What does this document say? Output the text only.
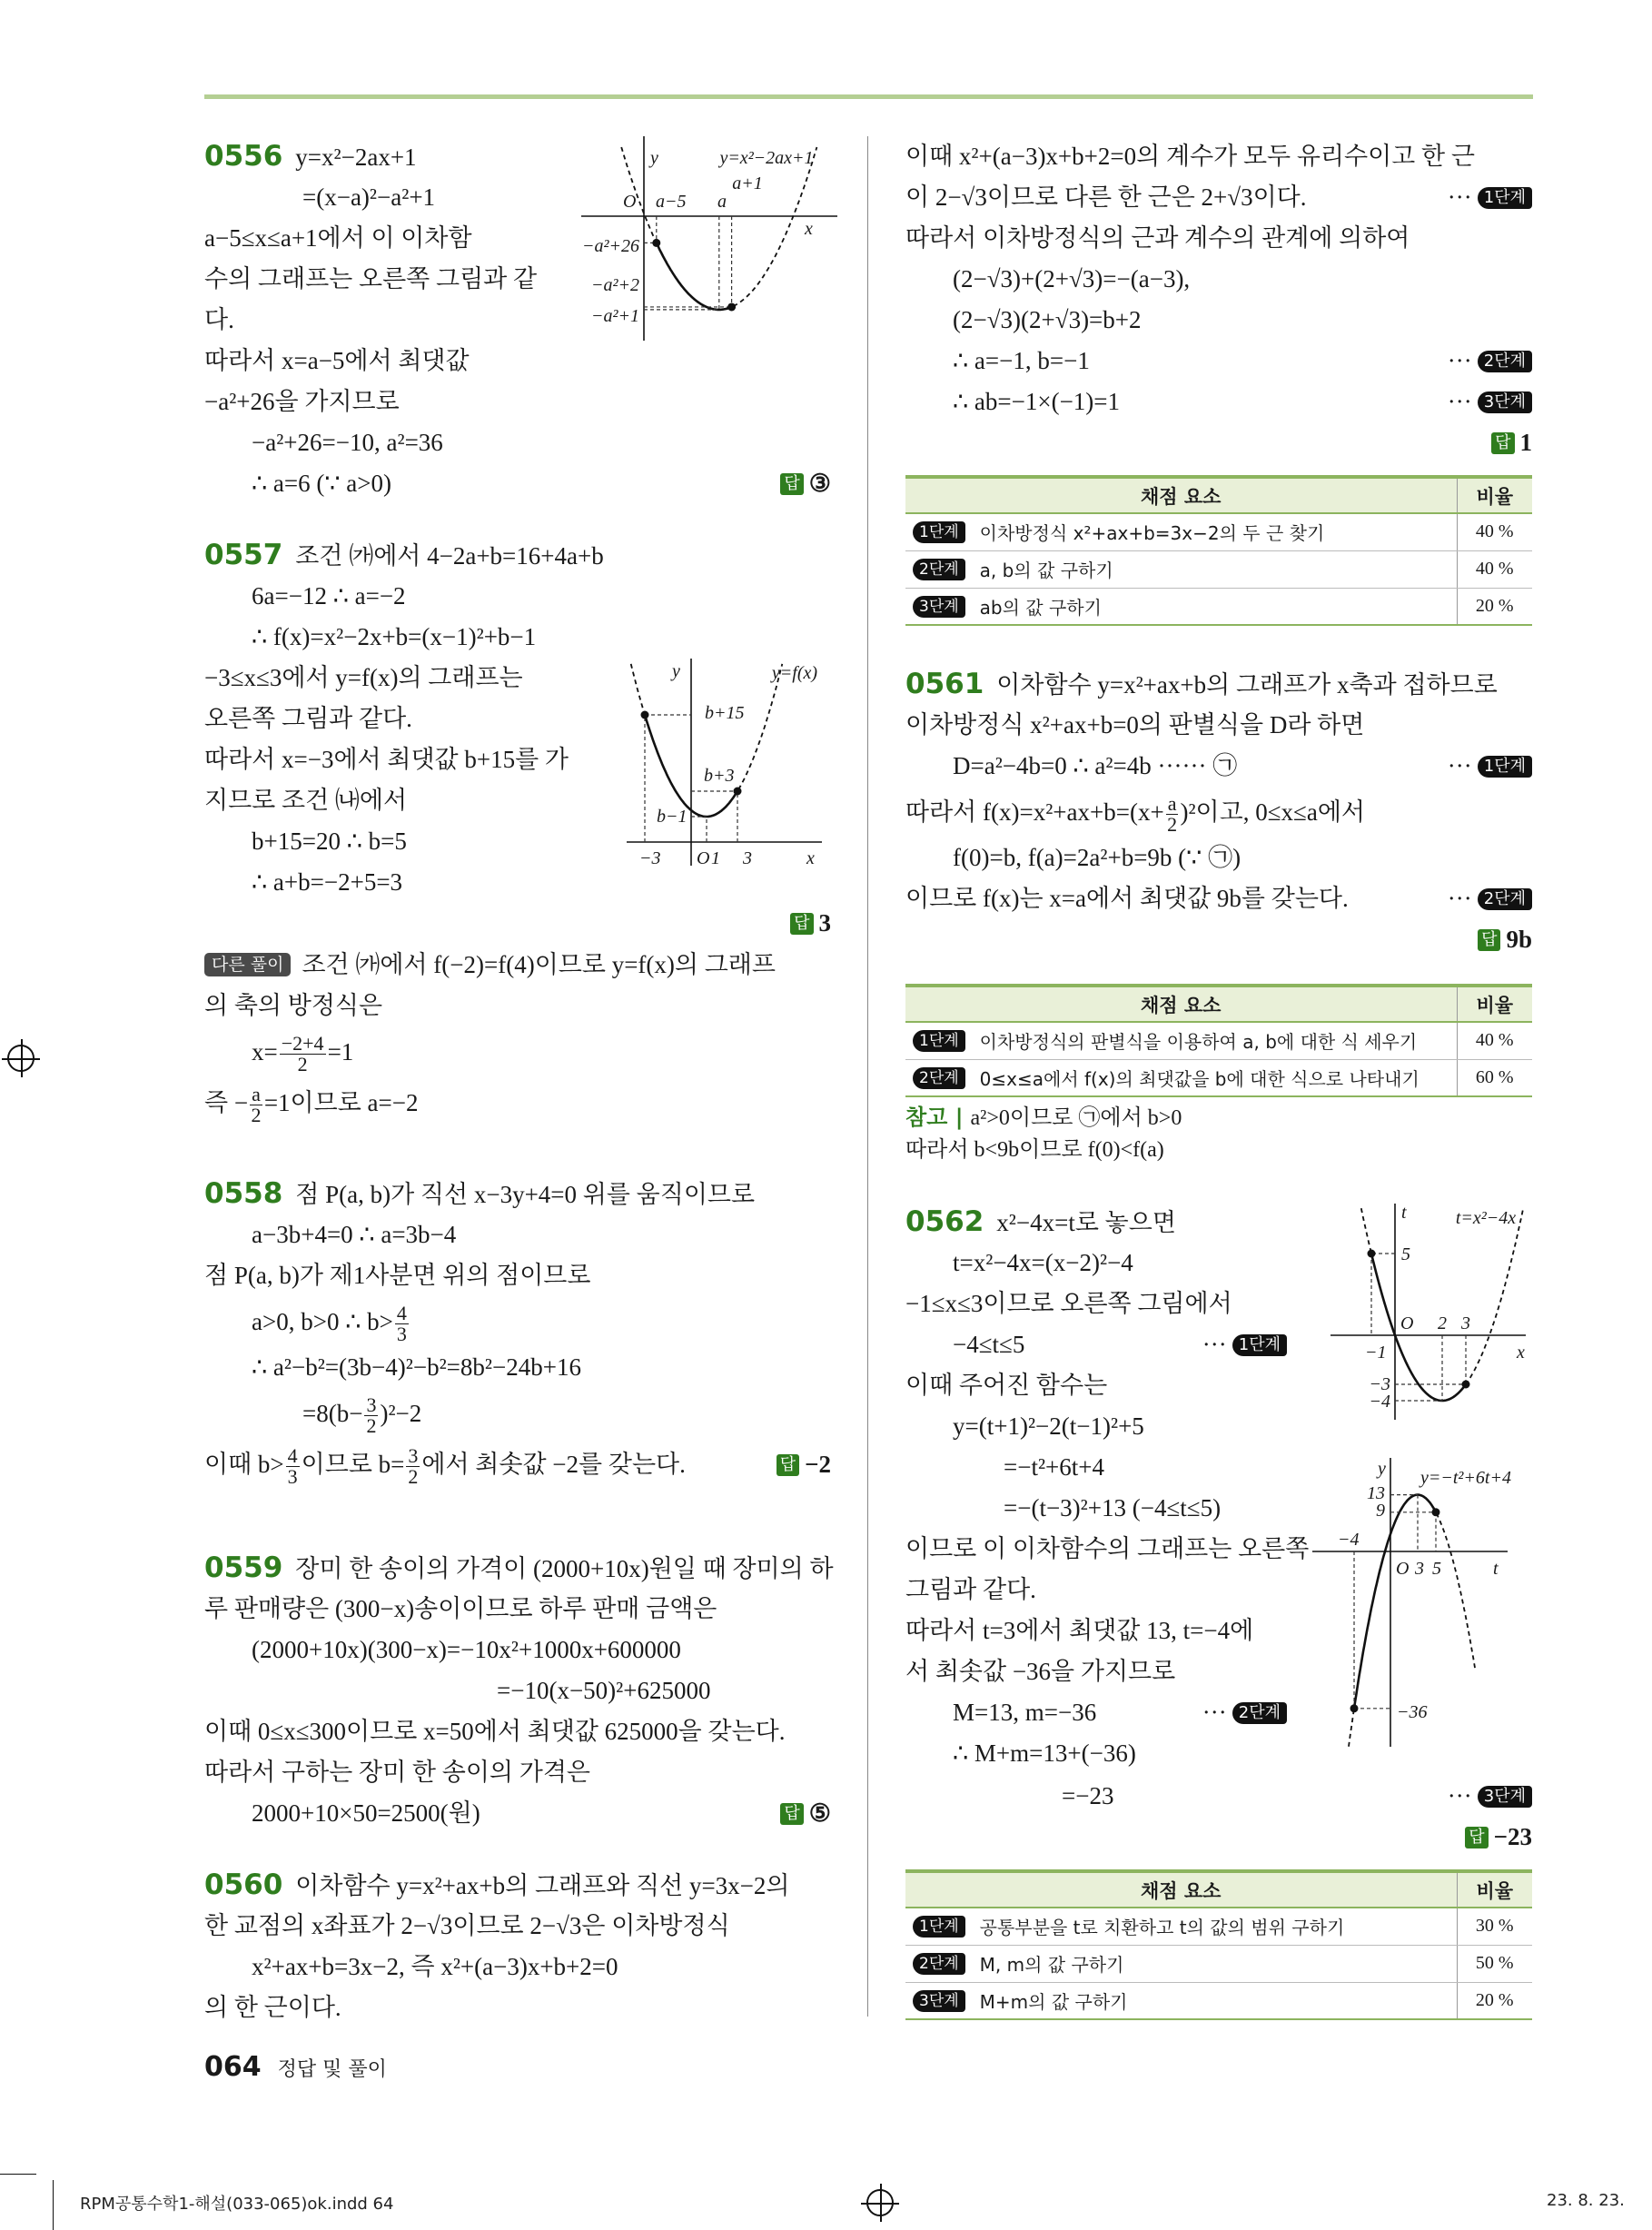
0556 y=x²−2ax+1
=(x−a)²−a²+1
a−5≤x≤a+1에서 이 이차함
수의 그래프는 오른쪽 그림과 같
다.
따라서 x=a−5에서 최댓값
−a²+26을 가지므로
−a²+26=−10, a²=36
∴ a=6 (∵ a>0)	답 ③
0557 조건 ㈎에서 4−2a+b=16+4a+b
6a=−12 ∴ a=−2
∴ f(x)=x²−2x+b=(x−1)²+b−1
−3≤x≤3에서 y=f(x)의 그래프는
오른쪽 그림과 같다.
따라서 x=−3에서 최댓값 b+15를 가
지므로 조건 ㈏에서
b+15=20 ∴ b=5
∴ a+b=−2+5=3
답 3
다른 풀이 조건 ㈎에서 f(−2)=f(4)이므로 y=f(x)의 그래프
의 축의 방정식은
$x= \frac{-2+4}{2} =1$
즉 − $\frac{a}{2} =1$이므로 a=−2
0558 점 P(a, b)가 직선 x−3y+4=0 위를 움직이므로
a−3b+4=0 ∴ a=3b−4
점 P(a, b)가 제1사분면 위의 점이므로
a>0, b>0 ∴ $b> \frac{4}{3}$
∴ a²−b²=(3b−4)²−b²=8b²−24b+16
$=8(b- \frac{3}{2} )^2-2$
이때 $b> \frac{4}{3}$ 이므로 $b= \frac{3}{2}$ 에서 최솟값 −2를 갖는다.	답 −2
0559 장미 한 송이의 가격이 (2000+10x)원일 때 장미의 하
루 판매량은 (300−x)송이이므로 하루 판매 금액은
(2000+10x)(300−x)=−10x²+1000x+600000
=−10(x−50)²+625000
이때 0≤x≤300이므로 x=50에서 최댓값 625000을 갖는다.
따라서 구하는 장미 한 송이의 가격은
2000+10×50=2500(원)	답 ⑤
0560 이차함수 y=x²+ax+b의 그래프와 직선 y=3x−2의
한 교점의 x좌표가 2−√3이므로 2−√3은 이차방정식
x²+ax+b=3x−2, 즉 x²+(a−3)x+b+2=0
의 한 근이다.
이때 x²+(a−3)x+b+2=0의 계수가 모두 유리수이고 한 근
이 2−√3이므로 다른 한 근은 2+√3이다.	··· 1단계
따라서 이차방정식의 근과 계수의 관계에 의하여
(2−√3)+(2+√3)=−(a−3),
(2−√3)(2+√3)=b+2
∴ a=−1, b=−1	··· 2단계
∴ ab=−1×(−1)=1	··· 3단계
답 1
0561 이차함수 y=x²+ax+b의 그래프가 x축과 접하므로
이차방정식 x²+ax+b=0의 판별식을 D라 하면
D=a²−4b=0 ∴ a²=4b ······ ㉠	··· 1단계
따라서 $f(x)=x^2+ax+b=(x+ \frac{a}{2} )^2$이고, 0≤x≤a에서
f(0)=b, f(a)=2a²+b=9b (∵ ㉠)
이므로 f(x)는 x=a에서 최댓값 9b를 갖는다.	··· 2단계
답 9b
0562 x²−4x=t로 놓으면
t=x²−4x=(x−2)²−4
−1≤x≤3이므로 오른쪽 그림에서
−4≤t≤5	··· 1단계
이때 주어진 함수는
y=(t+1)²−2(t−1)²+5
=−t²+6t+4
=−(t−3)²+13 (−4≤t≤5)
이므로 이 이차함수의 그래프는 오른쪽
그림과 같다.
따라서 t=3에서 최댓값 13, t=−4에
서 최솟값 −36을 가지므로
M=13, m=−36	··· 2단계
∴ M+m=13+(−36)
=−23	··· 3단계
답 −23
채점 요소	비율
1단계 이차방정식 x²+ax+b=3x−2의 두 근 찾기	40 %
2단계 a, b의 값 구하기	40 %
3단계 ab의 값 구하기	20 %
채점 요소	비율
1단계 이차방정식의 판별식을 이용하여 a, b에 대한 식 세우기	40 %
2단계 0≤x≤a에서 f(x)의 최댓값을 b에 대한 식으로 나타내기	60 %
채점 요소	비율
1단계 공통부분을 t로 치환하고 t의 값의 범위 구하기	30 %
2단계 M, m의 값 구하기	50 %
3단계 M+m의 값 구하기	20 %
y	y=x²−2ax+1
a+1
O a−5 a
x
−a²+26
−a²+2
−a²+1
y	y=f(x)
b+15
b+3
b−1
−3 O 1 3	x
t	t=x²−4x
5
O 2 3
−1	x
−3
−4
y y=−t²+6t+4
13
9
−4
O 3 5	t
−36
참고 | a²>0이므로 ㉠에서 b>0
따라서 b<9b이므로 f(0)<f(a)
064 정답 및 풀이
RPM공통수학1-해설(033-065)ok.indd 64	23. 8. 23.
